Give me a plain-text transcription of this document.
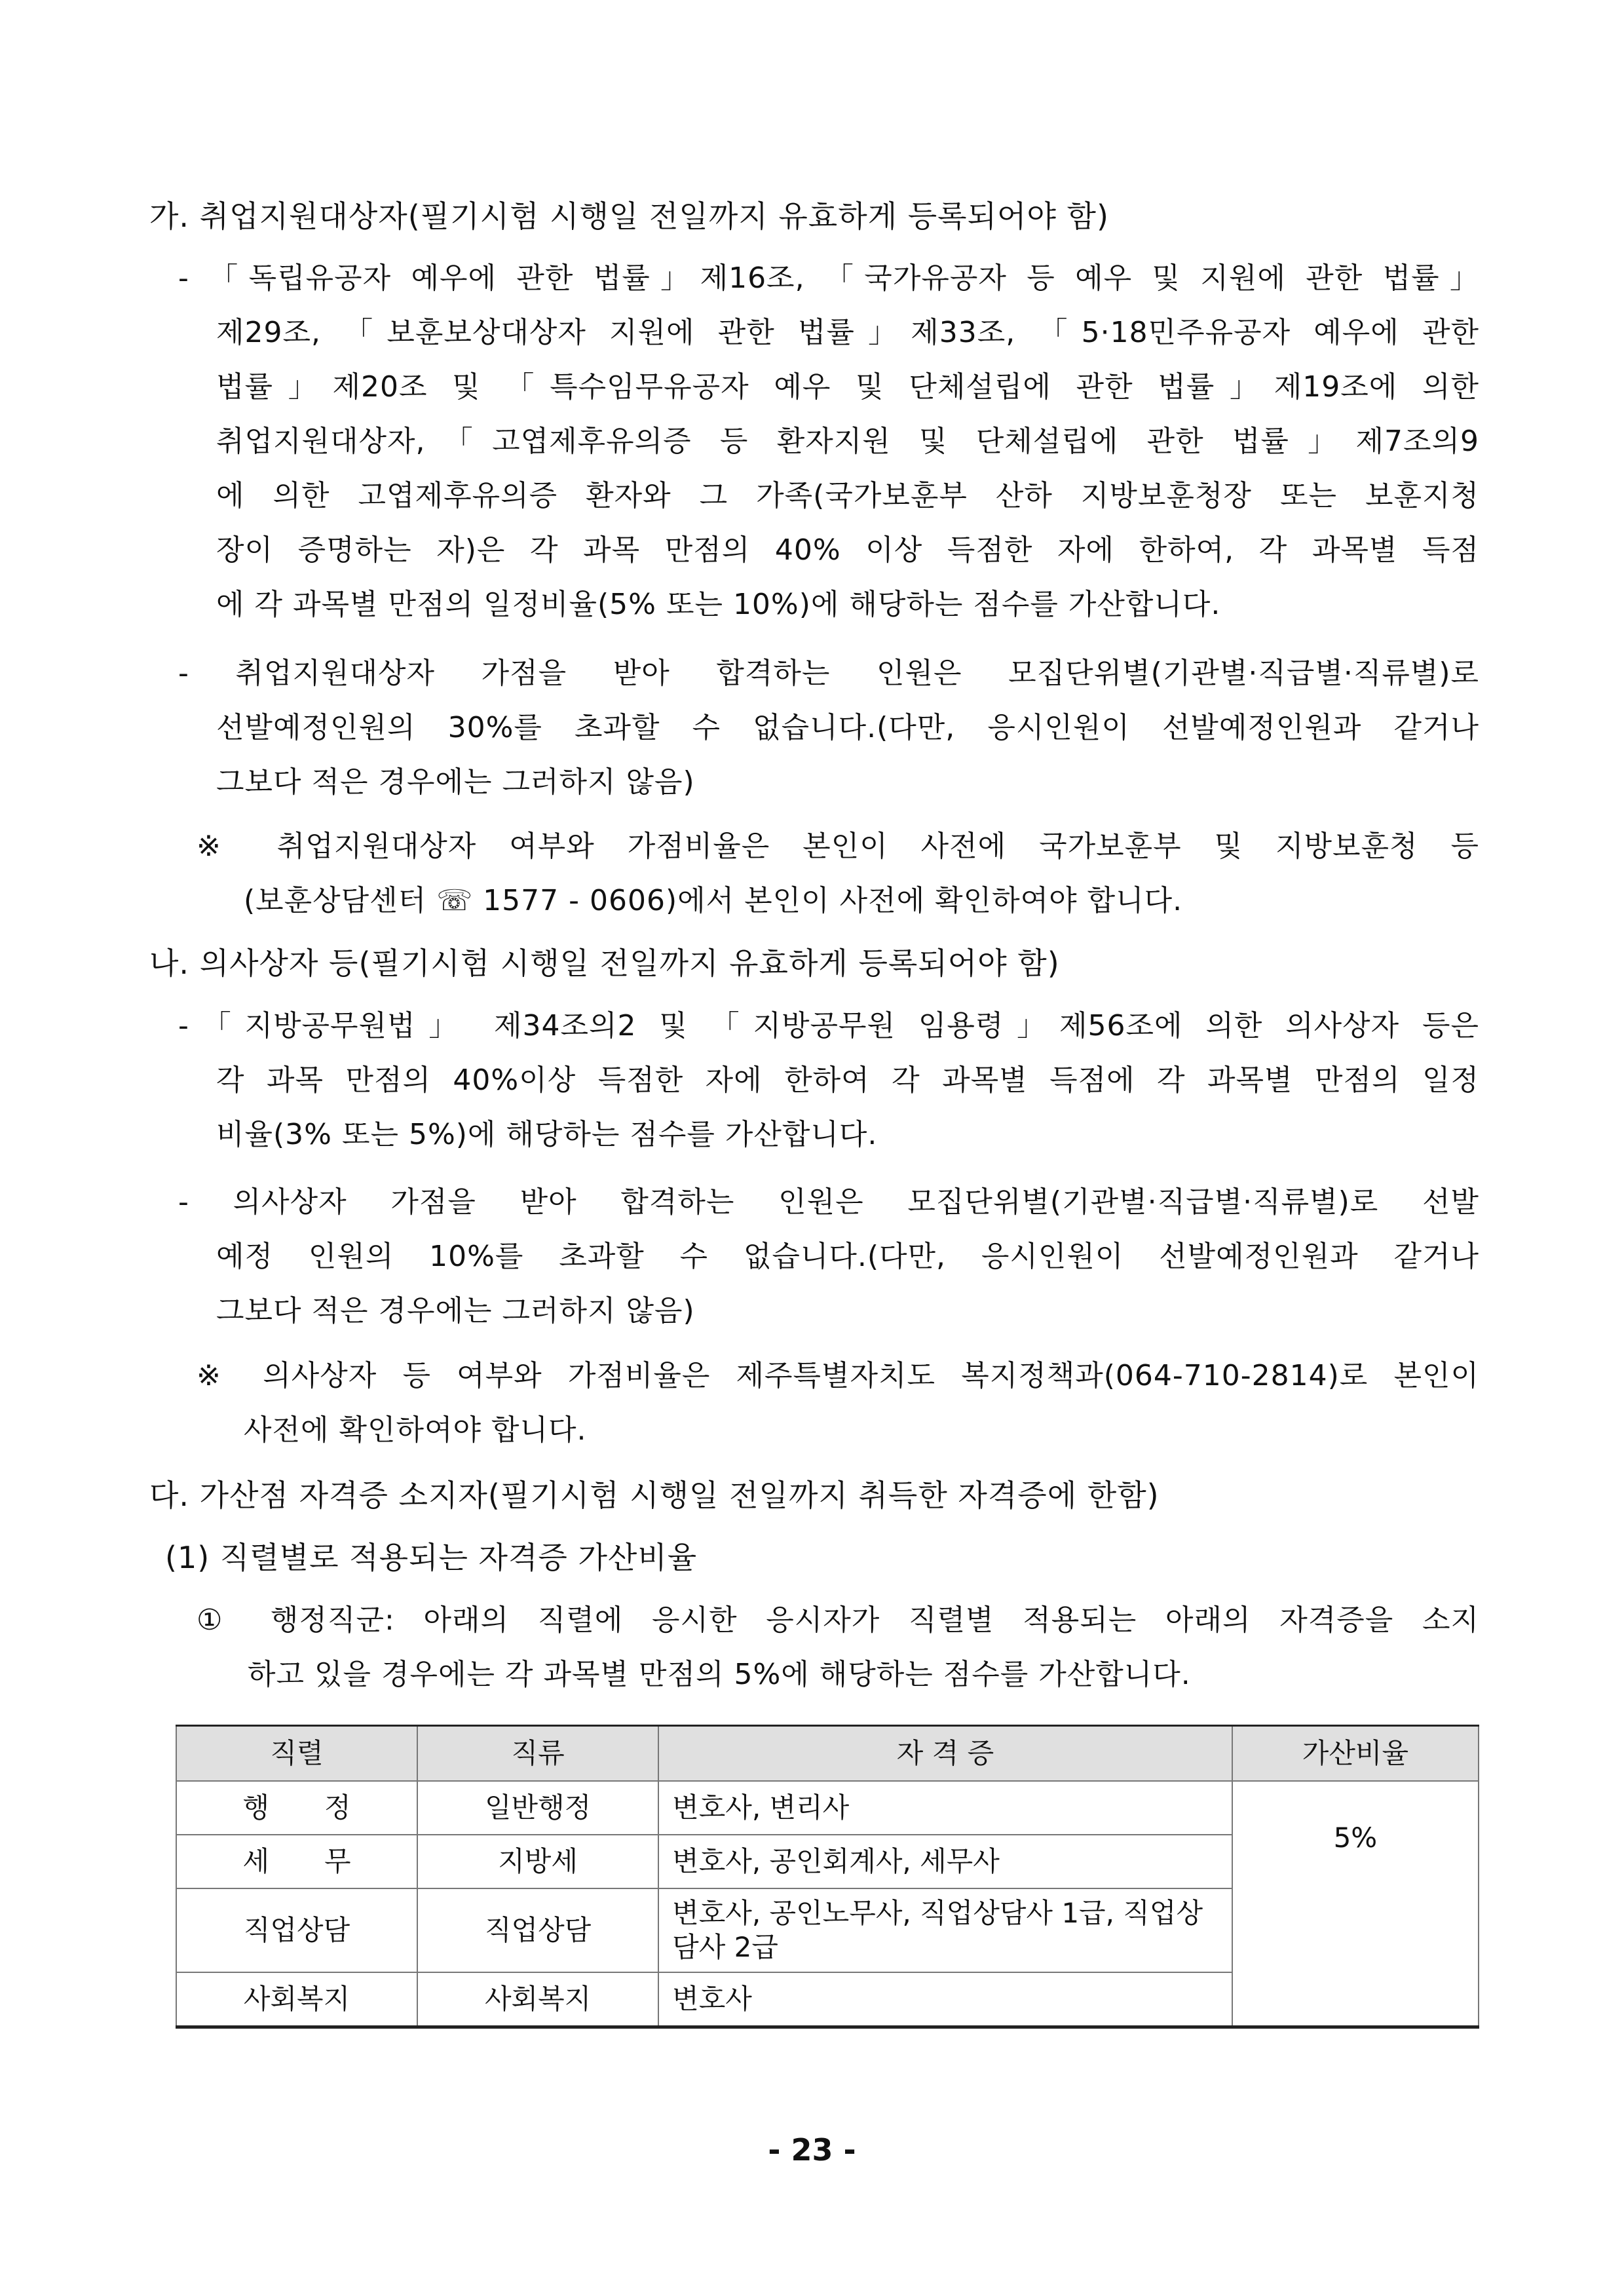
가. 취업지원대상자(필기시험 시행일 전일까지 유효하게 등록되어야 함)
- 「독립유공자 예우에 관한 법률」제16조, 「국가유공자 등 예우 및 지원에 관한 법률」
제29조, 「보훈보상대상자 지원에 관한 법률」제33조, 「5·18민주유공자 예우에 관한
법률」제20조 및 「특수임무유공자 예우 및 단체설립에 관한 법률」제19조에 의한
취업지원대상자,「고엽제후유의증 등 환자지원 및 단체설립에 관한 법률」제7조의9
에 의한 고엽제후유의증 환자와 그 가족(국가보훈부 산하 지방보훈청장 또는 보훈지청
장이 증명하는 자)은 각 과목 만점의 40% 이상 득점한 자에 한하여, 각 과목별 득점
에 각 과목별 만점의 일정비율(5% 또는 10%)에 해당하는 점수를 가산합니다.
- 취업지원대상자 가점을 받아 합격하는 인원은 모집단위별(기관별·직급별·직류별)로
선발예정인원의 30%를 초과할 수 없습니다.(다만, 응시인원이 선발예정인원과 같거나
그보다 적은 경우에는 그러하지 않음)
※ 취업지원대상자 여부와 가점비율은 본인이 사전에 국가보훈부 및 지방보훈청 등
(보훈상담센터 ☏ 1577 - 0606)에서 본인이 사전에 확인하여야 합니다.
나. 의사상자 등(필기시험 시행일 전일까지 유효하게 등록되어야 함)
-「지방공무원법」 제34조의2 및 「지방공무원 임용령」제56조에 의한 의사상자 등은
각 과목 만점의 40%이상 득점한 자에 한하여 각 과목별 득점에 각 과목별 만점의 일정
비율(3% 또는 5%)에 해당하는 점수를 가산합니다.
- 의사상자 가점을 받아 합격하는 인원은 모집단위별(기관별·직급별·직류별)로 선발
예정 인원의 10%를 초과할 수 없습니다.(다만, 응시인원이 선발예정인원과 같거나
그보다 적은 경우에는 그러하지 않음)
※ 의사상자 등 여부와 가점비율은 제주특별자치도 복지정책과(064-710-2814)로 본인이
사전에 확인하여야 합니다.
다. 가산점 자격증 소지자(필기시험 시행일 전일까지 취득한 자격증에 한함)
(1) 직렬별로 적용되는 자격증 가산비율
① 행정직군: 아래의 직렬에 응시한 응시자가 직렬별 적용되는 아래의 자격증을 소지
하고 있을 경우에는 각 과목별 만점의 5%에 해당하는 점수를 가산합니다.
직렬	직류	자 격 증	가산비율
행　　정	일반행정	변호사, 변리사	5%
세　　무	지방세	변호사, 공인회계사, 세무사	
직업상담	직업상담	변호사, 공인노무사, 직업상담사 1급, 직업상담사 2급	
사회복지	사회복지	변호사	
- 23 -
